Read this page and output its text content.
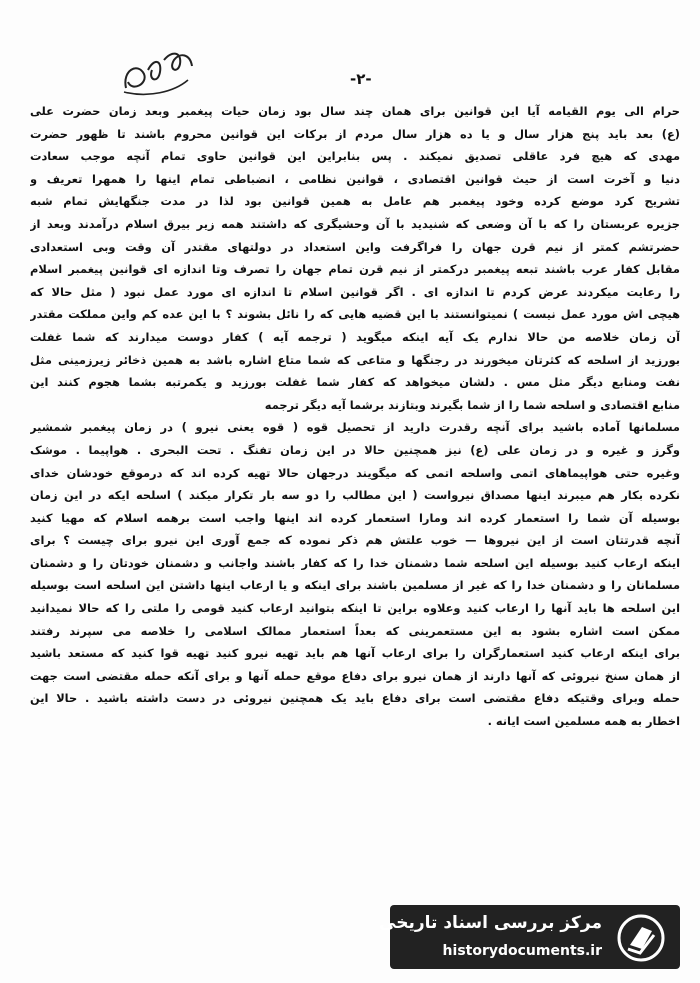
-٢-
حرام الی یوم القیامه آیا این قوانین برای همان چند سال بود زمان حیات پیغمبر وبعد زمان حضرت علی
(ع) بعد باید پنج هزار سال و یا ده هزار سال مردم از برکات این قوانین محروم باشند تا ظهور حضرت
مهدی که هیچ فرد عاقلی تصدیق نمیکند . پس بنابراین این قوانین حاوی تمام آنچه موجب سعادت
دنیا و آخرت است از حیث قوانین اقتصادی ، قوانین نظامی ، انضباطی تمام اینها را همهرا تعریف و
تشریح کرد موضع کرده وخود پیغمبر هم عامل به همین قوانین بود لذا در مدت جنگهایش تمام شبه
جزیره عربستان را که با آن وضعی که شنیدید با آن وحشیگری که داشتند همه زیر بیرق اسلام درآمدند وبعد از
حضرتشم کمتر از نیم قرن جهان را فراگرفت واین استعداد در دولتهای مقتدر آن وقت وبی استعدادی
مقابل کفار عرب باشند تبعه پیغمبر درکمتر از نیم قرن تمام جهان را تصرف وتا اندازه ای قوانین پیغمبر اسلام
را رعایت میکردند عرض کردم تا اندازه ای . اگر قوانین اسلام تا اندازه ای مورد عمل نبود ( مثل حالا که
هیچی اش مورد عمل نیست ) نمیتوانستند با این قضیه هایی که را نائل بشوند ؟ با این عده کم واین مملکت مقتدر
آن زمان خلاصه من حالا ندارم یک آیه اینکه میگوید ( ترجمه آیه ) کفار دوست میدارند که شما غفلت
بورزید از اسلحه که کثرتان میخورند در رجنگها و متاعی که شما متاع اشاره باشد به همین ذخائر زیرزمینی مثل
نفت ومنابع دیگر مثل مس . دلشان میخواهد که کفار شما غفلت بورزید و یکمرتبه بشما هجوم کنند این
منابع اقتصادی و اسلحه شما را از شما بگیرند وبتازند برشما آیه دیگر ترجمه
مسلمانها آماده باشید برای آنچه رقدرت دارید از تحصیل قوه ( قوه یعنی نیرو ) در زمان پیغمبر شمشیر
وگرز و غیره و در زمان علی (ع) نیز همچنین حالا در این زمان تفنگ . تحت البحری . هواپیما . موشک
وغیره حتی هواپیماهای اتمی واسلحه اتمی که میگویند درجهان حالا تهیه کرده اند که درموقع خودشان خدای
نکرده بکار هم میبرند اینها مصداق نیرواست ( این مطالب را دو سه بار تکرار میکند ) اسلحه ایکه در این زمان
بوسیله آن شما را استعمار کرده اند ومارا استعمار کرده اند اینها واجب است برهمه اسلام که مهیا کنید
آنچه قدرتتان است از این نیروها — خوب علتش هم ذکر نموده که جمع آوری این نیرو برای چیست ؟ برای
اینکه ارعاب کنید بوسیله این اسلحه شما دشمنان خدا را که کفار باشند واجانب و دشمنان خودتان را و دشمنان
مسلمانان را و دشمنان خدا را که غیر از مسلمین باشند برای اینکه و یا ارعاب اینها داشتن این اسلحه است بوسیله
این اسلحه ها باید آنها را ارعاب کنید وعلاوه براین تا اینکه بتوانید ارعاب کنید قومی را ملتی را که حالا نمیدانید
ممکن است اشاره بشود به این مستعمرینی که بعداً استعمار ممالک اسلامی را خلاصه می سپرند رفتند
برای اینکه ارعاب کنید استعمارگران را برای ارعاب آنها هم باید تهیه نیرو کنید تهیه قوا کنید که مستعد باشید
از همان سنخ نیروئی که آنها دارند از همان نیرو برای دفاع موقع حمله آنها و برای آنکه حمله مقتضی است جهت
حمله وبرای وقتیکه دفاع مقتضی است برای دفاع باید یک همچنین نیروئی در دست داشته باشید . حالا این
اخطار به همه مسلمین است ایانه .
مرکز بررسی اسناد تاریخی
historydocuments.ir
